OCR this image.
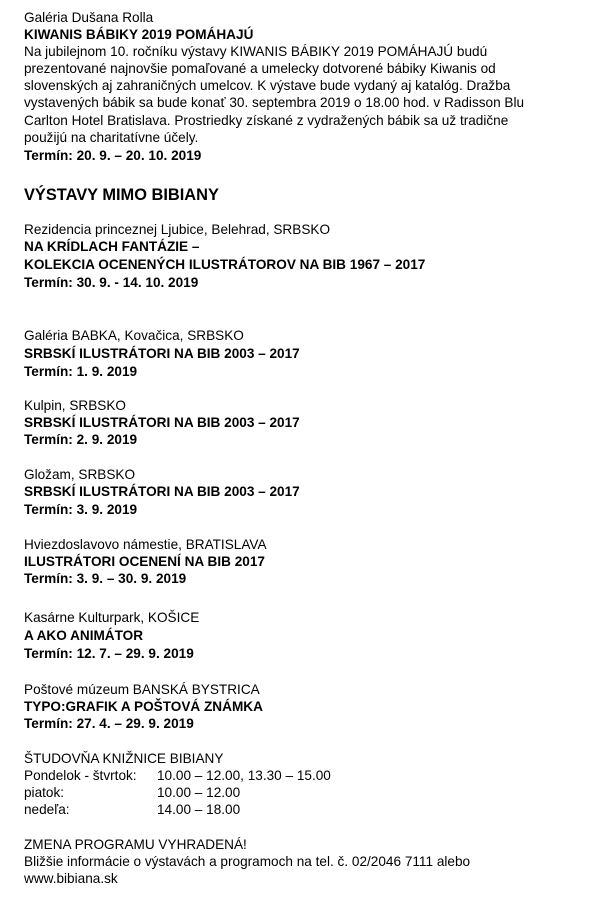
Galéria Dušana Rolla
KIWANIS BÁBIKY 2019 POMÁHAJÚ
Na jubilejnom 10. ročníku výstavy KIWANIS BÁBIKY 2019 POMÁHAJÚ budú
prezentované najnovšie pomaľované a umelecky dotvorené bábiky Kiwanis od
slovenských aj zahraničných umelcov. K výstave bude vydaný aj katalóg. Dražba
vystavených bábik sa bude konať 30. septembra 2019 o 18.00 hod. v Radisson Blu
Carlton Hotel Bratislava. Prostriedky získané z vydražených bábik sa už tradične
použijú na charitatívne účely.
Termín: 20. 9. – 20. 10. 2019
VÝSTAVY MIMO BIBIANY
Rezidencia princeznej Ljubice, Belehrad, SRBSKO
NA KRÍDLACH FANTÁZIE –
KOLEKCIA OCENENÝCH ILUSTRÁTOROV NA BIB 1967 – 2017
Termín: 30. 9. - 14. 10. 2019
Galéria BABKA, Kovačica, SRBSKO
SRBSKÍ ILUSTRÁTORI NA BIB 2003 – 2017
Termín: 1. 9. 2019
Kulpin, SRBSKO
SRBSKÍ ILUSTRÁTORI NA BIB 2003 – 2017
Termín: 2. 9. 2019
Gložam, SRBSKO
SRBSKÍ ILUSTRÁTORI NA BIB 2003 – 2017
Termín: 3. 9. 2019
Hviezdoslavovo námestie, BRATISLAVA
ILUSTRÁTORI OCENENÍ NA BIB 2017
Termín: 3. 9. – 30. 9. 2019
Kasárne Kulturpark, KOŠICE
A AKO ANIMÁTOR
Termín: 12. 7. – 29. 9. 2019
Poštové múzeum BANSKÁ BYSTRICA
TYPO:GRAFIK A POŠTOVÁ ZNÁMKA
Termín: 27. 4. – 29. 9. 2019
ŠTUDOVŇA KNIŽNICE BIBIANY
Pondelok - štvrtok: 10.00 – 12.00, 13.30 – 15.00
piatok:	10.00 – 12.00
nedeľa:	14.00 – 18.00
ZMENA PROGRAMU VYHRADENÁ!
Bližšie informácie o výstavách a programoch na tel. č. 02/2046 7111 alebo
www.bibiana.sk
